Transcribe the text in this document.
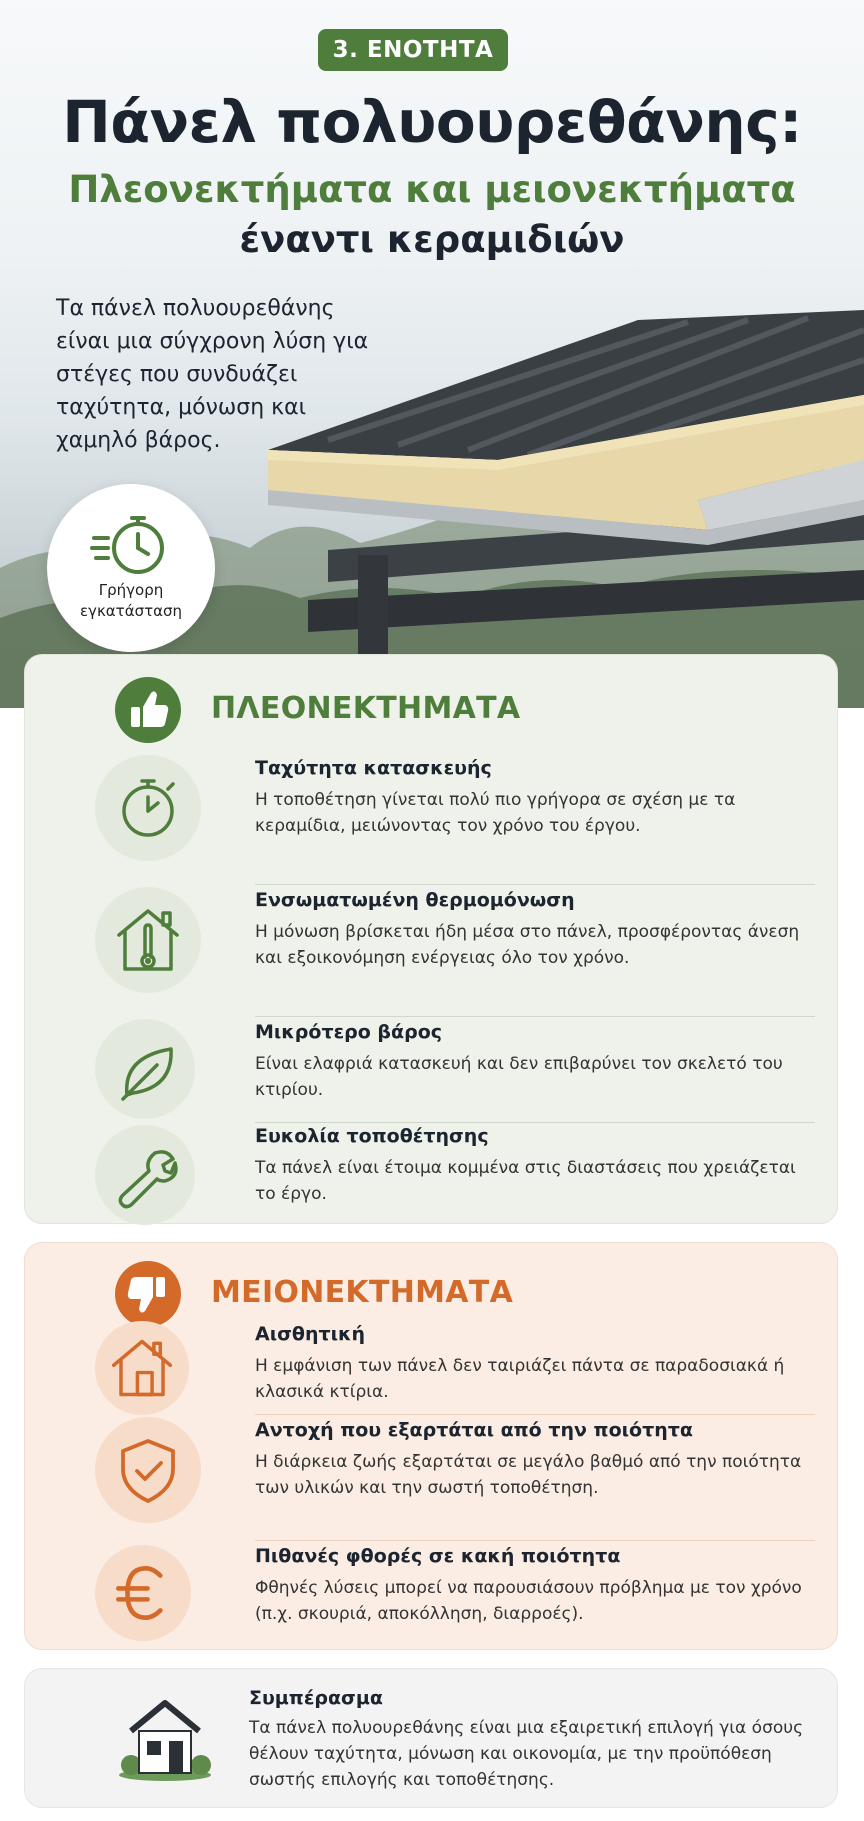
3. ΕΝΟΤΗΤΑ
Πάνελ πολυουρεθάνης:
Πλεονεκτήματα και μειονεκτήματα
έναντι κεραμιδιών
Τα πάνελ πολυουρεθάνης είναι μια σύγχρονη λύση για στέγες που συνδυάζει ταχύτητα, μόνωση και χαμηλό βάρος.
Γρήγορη εγκατάσταση
ΠΛΕΟΝΕΚΤΗΜΑΤΑ
Ταχύτητα κατασκευής
Η τοποθέτηση γίνεται πολύ πιο γρήγορα σε σχέση με τα κεραμίδια, μειώνοντας τον χρόνο του έργου.
Ενσωματωμένη θερμομόνωση
Η μόνωση βρίσκεται ήδη μέσα στο πάνελ, προσφέροντας άνεση και εξοικονόμηση ενέργειας όλο τον χρόνο.
Μικρότερο βάρος
Είναι ελαφριά κατασκευή και δεν επιβαρύνει τον σκελετό του κτιρίου.
Ευκολία τοποθέτησης
Τα πάνελ είναι έτοιμα κομμένα στις διαστάσεις που χρειάζεται το έργο.
ΜΕΙΟΝΕΚΤΗΜΑΤΑ
Αισθητική
Η εμφάνιση των πάνελ δεν ταιριάζει πάντα σε παραδοσιακά ή κλασικά κτίρια.
Αντοχή που εξαρτάται από την ποιότητα
Η διάρκεια ζωής εξαρτάται σε μεγάλο βαθμό από την ποιότητα των υλικών και την σωστή τοποθέτηση.
Πιθανές φθορές σε κακή ποιότητα
Φθηνές λύσεις μπορεί να παρουσιάσουν πρόβλημα με τον χρόνο (π.χ. σκουριά, αποκόλληση, διαρροές).
Συμπέρασμα
Τα πάνελ πολυουρεθάνης είναι μια εξαιρετική επιλογή για όσους θέλουν ταχύτητα, μόνωση και οικονομία, με την προϋπόθεση σωστής επιλογής και τοποθέτησης.
